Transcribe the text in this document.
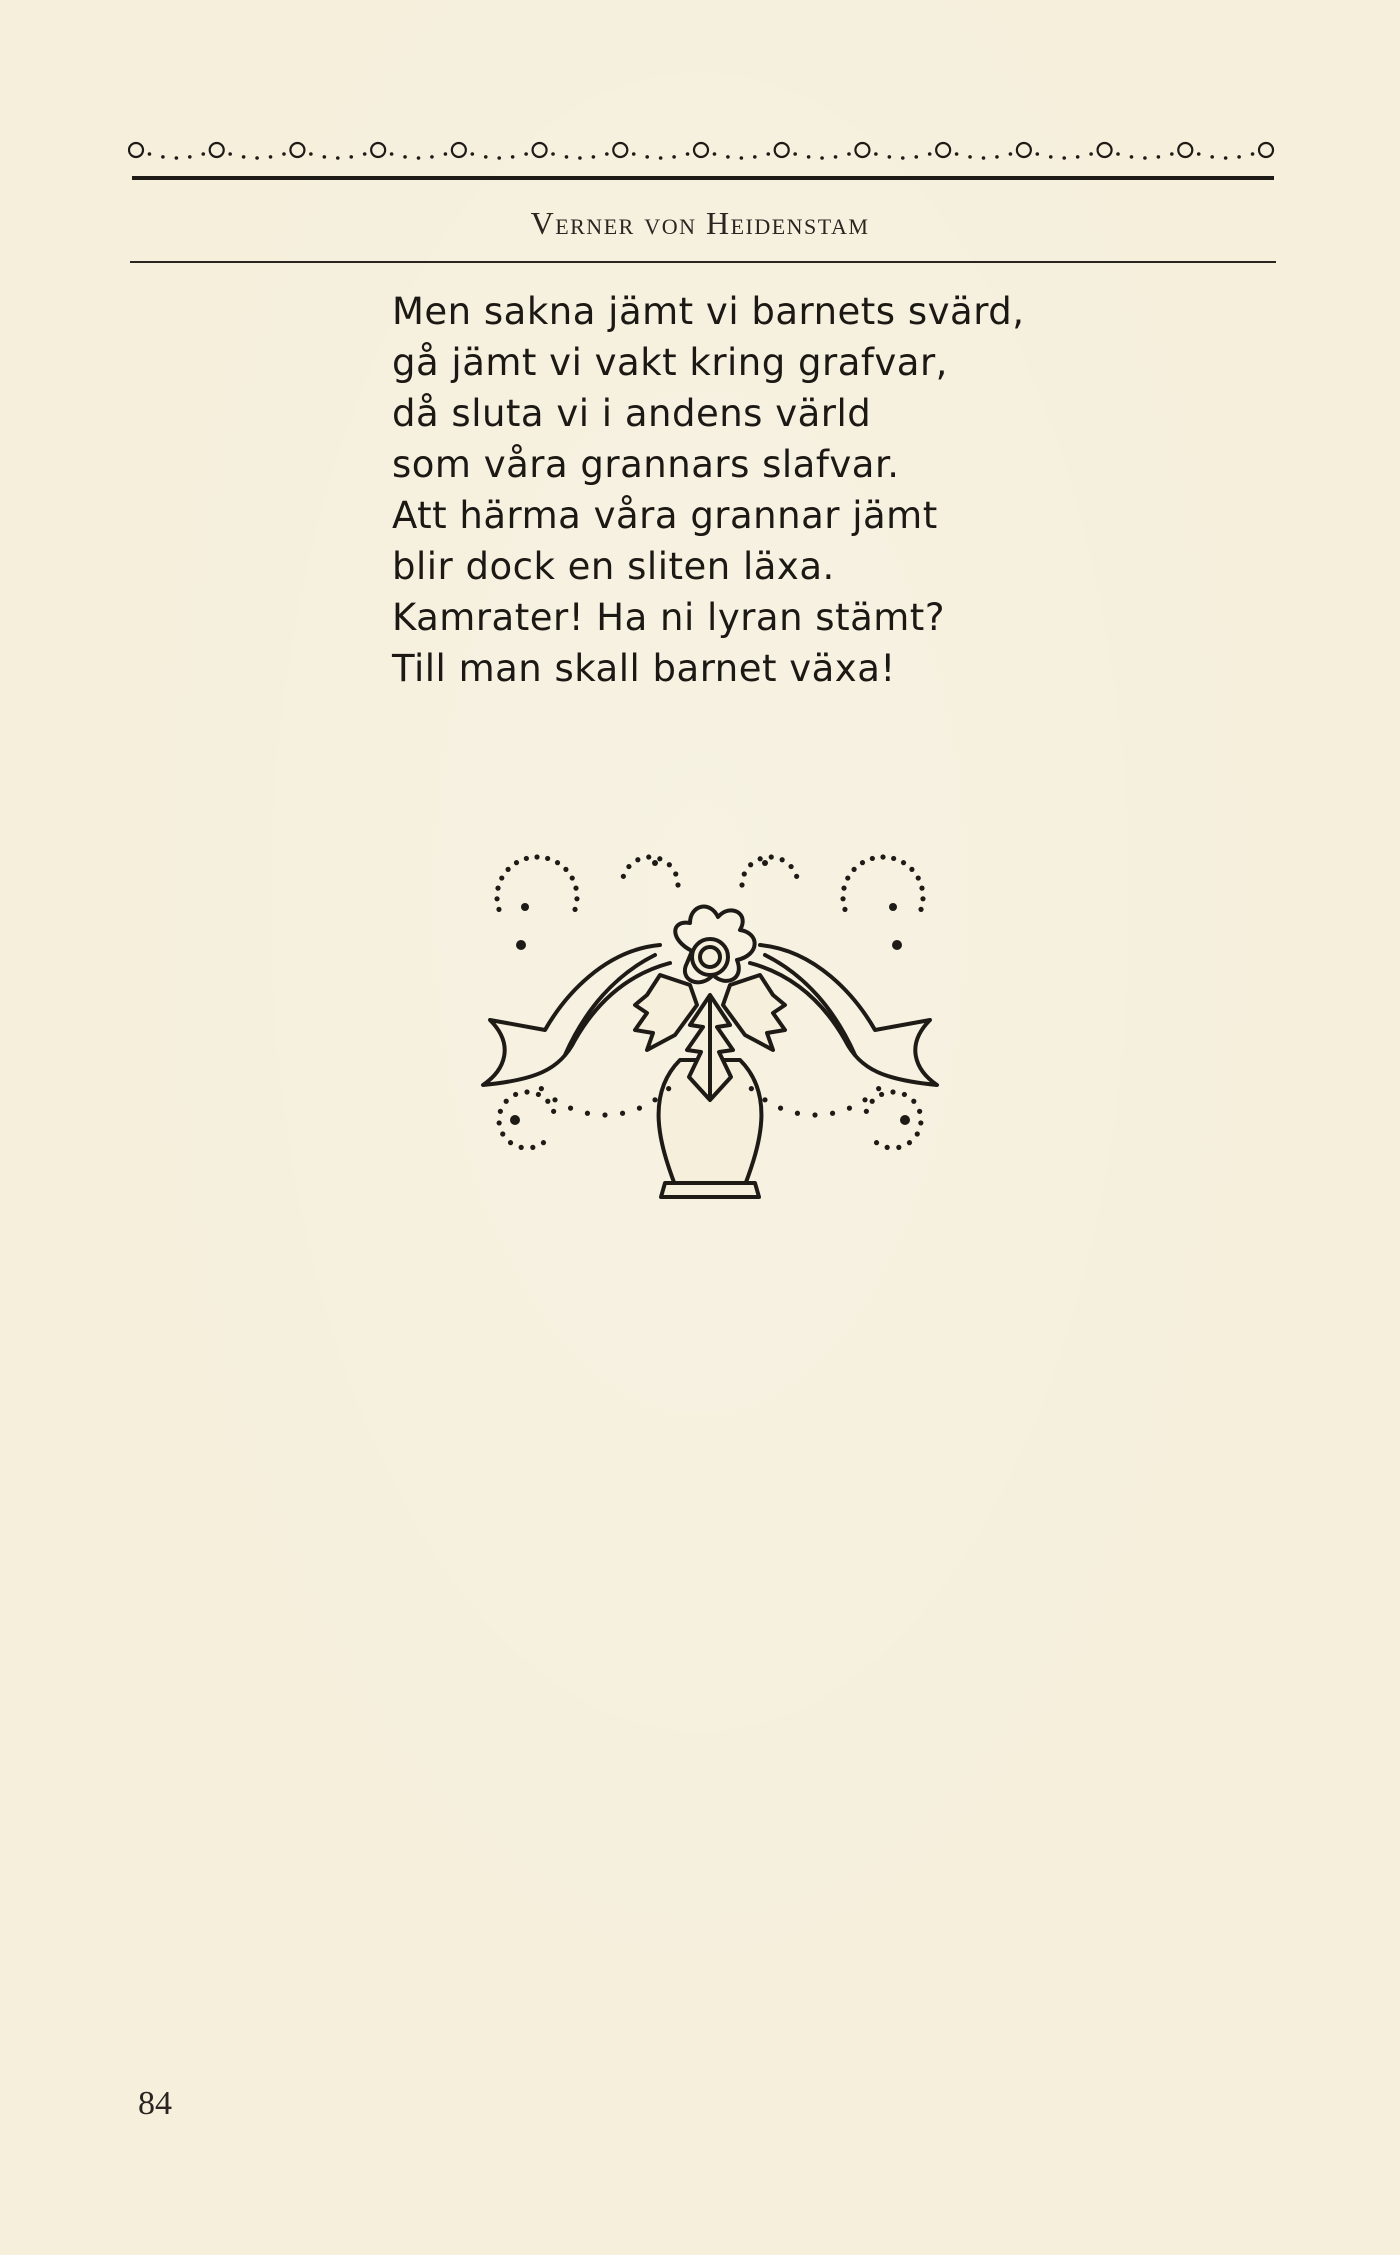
Verner von Heidenstam
Men sakna jämt vi barnets svärd,
gå jämt vi vakt kring grafvar,
då sluta vi i andens värld
som våra grannars slafvar.
Att härma våra grannar jämt
blir dock en sliten läxa.
Kamrater! Ha ni lyran stämt?
Till man skall barnet växa!
84
